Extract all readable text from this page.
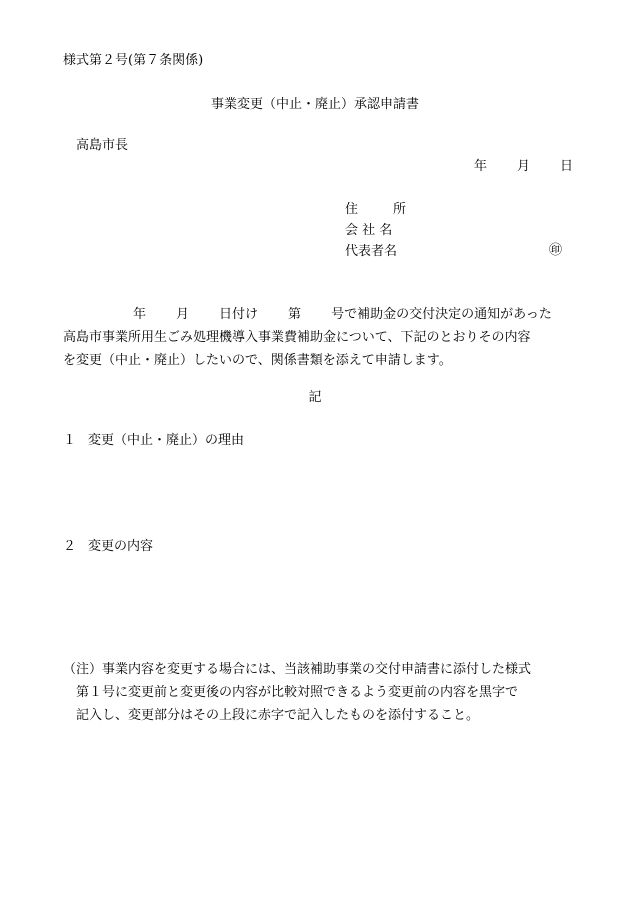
様式第２号(第７条関係)
事業変更（中止・廃止）承認申請書
高島市長
年 月 日
住	所
会 社 名
代表者名	㊞
年 月 日付け 第 号で補助金の交付決定の通知があった
高島市事業所用生ごみ処理機導入事業費補助金について、下記のとおりその内容
を変更（中止・廃止）したいので、関係書類を添えて申請します。
記
１ 変更（中止・廃止）の理由
２ 変更の内容
（注）事業内容を変更する場合には、当該補助事業の交付申請書に添付した様式
第１号に変更前と変更後の内容が比較対照できるよう変更前の内容を黒字で
記入し、変更部分はその上段に赤字で記入したものを添付すること。
